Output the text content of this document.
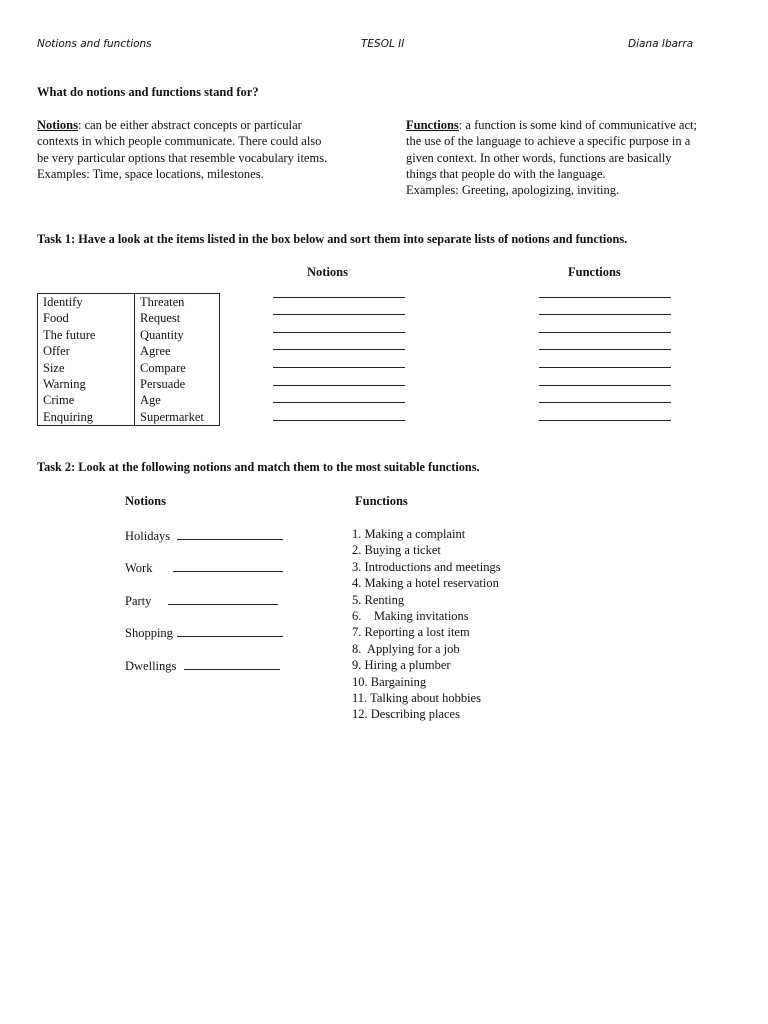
Notions and functions	TESOL II	Diana Ibarra
What do notions and functions stand for?
Notions: can be either abstract concepts or particular
contexts in which people communicate. There could also
be very particular options that resemble vocabulary items.
Examples: Time, space locations, milestones.
Functions: a function is some kind of communicative act;
the use of the language to achieve a specific purpose in a
given context. In other words, functions are basically
things that people do with the language.
Examples: Greeting, apologizing, inviting.
Task 1: Have a look at the items listed in the box below and sort them into separate lists of notions and functions.
Notions	Functions
Identify	Threaten
Food	Request
The future	Quantity
Offer	Agree
Size	Compare
Warning	Persuade
Crime	Age
Enquiring	Supermarket
Task 2: Look at the following notions and match them to the most suitable functions.
Notions	Functions
Holidays
Work
Party
Shopping
Dwellings
1. Making a complaint
2. Buying a ticket
3. Introductions and meetings
4. Making a hotel reservation
5. Renting
6.    Making invitations
7. Reporting a lost item
8.  Applying for a job
9. Hiring a plumber
10. Bargaining
11. Talking about hobbies
12. Describing places
